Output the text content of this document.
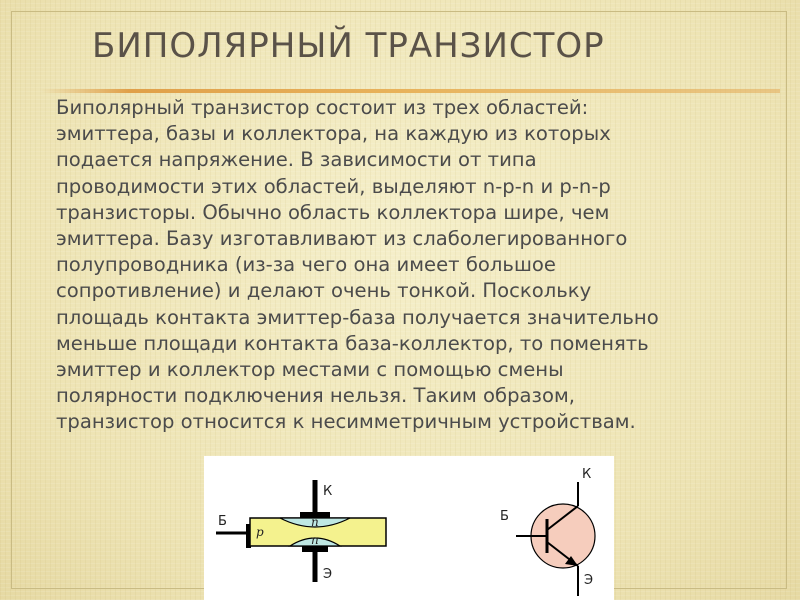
БИПОЛЯРНЫЙ ТРАНЗИСТОР
Биполярный транзистор состоит из трех областей:
эмиттера, базы и коллектора, на каждую из которых
подается напряжение. В зависимости от типа
проводимости этих областей, выделяют n-p-n и p-n-p
транзисторы. Обычно область коллектора шире, чем
эмиттера. Базу изготавливают из слаболегированного
полупроводника (из-за чего она имеет большое
сопротивление) и делают очень тонкой. Поскольку
площадь контакта эмиттер-база получается значительно
меньше площади контакта база-коллектор, то поменять
эмиттер и коллектор местами с помощью смены
полярности подключения нельзя. Таким образом,
транзистор относится к несимметричным устройствам.
К
Б
Э
p
n
n
К
Б
Э
